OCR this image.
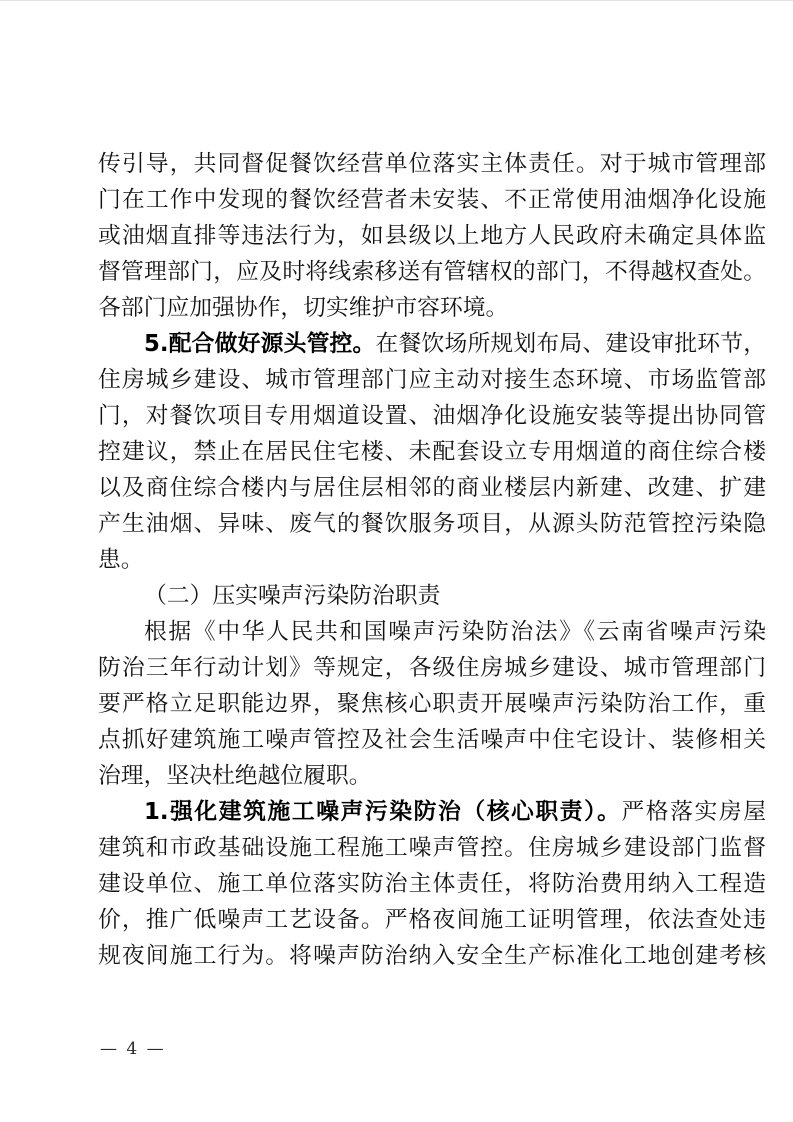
传引导，共同督促餐饮经营单位落实主体责任。对于城市管理部
门在工作中发现的餐饮经营者未安装、不正常使用油烟净化设施
或油烟直排等违法行为，如县级以上地方人民政府未确定具体监
督管理部门，应及时将线索移送有管辖权的部门，不得越权查处。
各部门应加强协作，切实维护市容环境。
5.配合做好源头管控。在餐饮场所规划布局、建设审批环节，
住房城乡建设、城市管理部门应主动对接生态环境、市场监管部
门，对餐饮项目专用烟道设置、油烟净化设施安装等提出协同管
控建议，禁止在居民住宅楼、未配套设立专用烟道的商住综合楼
以及商住综合楼内与居住层相邻的商业楼层内新建、改建、扩建
产生油烟、异味、废气的餐饮服务项目，从源头防范管控污染隐
患。
（二）压实噪声污染防治职责
根据《中华人民共和国噪声污染防治法》《云南省噪声污染
防治三年行动计划》等规定，各级住房城乡建设、城市管理部门
要严格立足职能边界，聚焦核心职责开展噪声污染防治工作，重
点抓好建筑施工噪声管控及社会生活噪声中住宅设计、装修相关
治理，坚决杜绝越位履职。
1.强化建筑施工噪声污染防治（核心职责）。严格落实房屋
建筑和市政基础设施工程施工噪声管控。住房城乡建设部门监督
建设单位、施工单位落实防治主体责任，将防治费用纳入工程造
价，推广低噪声工艺设备。严格夜间施工证明管理，依法查处违
规夜间施工行为。将噪声防治纳入安全生产标准化工地创建考核
— 4 —
